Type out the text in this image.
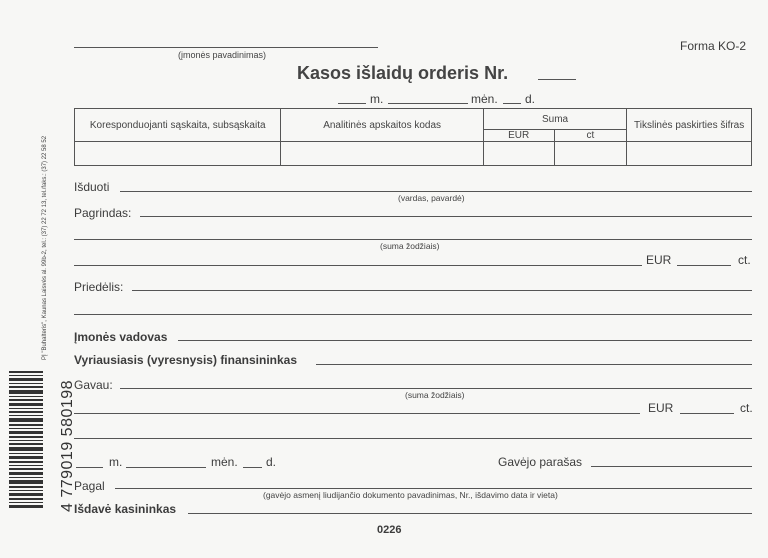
(įmonės pavadinimas)
Forma KO-2
Kasos išlaidų orderis Nr.
m.	mėn. d.
Koresponduojanti sąskaita, subsąskaita	Analitinės apskaitos kodas	Suma		Tikslinės paskirties šifras
		EUR	ct	

Išduoti
(vardas, pavardė)
Pagrindas:
(suma žodžiais)
EUR	ct.
Priedėlis:
Įmonės vadovas
Vyriausiasis (vyresnysis) finansininkas
Gavau:
(suma žodžiais)
EUR	ct.
m.	mėn. d.	Gavėjo parašas
Pagal
(gavėjo asmenį liudijančio dokumento pavadinimas, Nr., išdavimo data ir vieta)
Išdavė kasininkas
0226
PĮ "Buhalteris", Kaunas Laisvės al. 99b-2, tel.: (37) 22 72 13, tel./faks.: (37) 22 58 52
4 779019 580198
